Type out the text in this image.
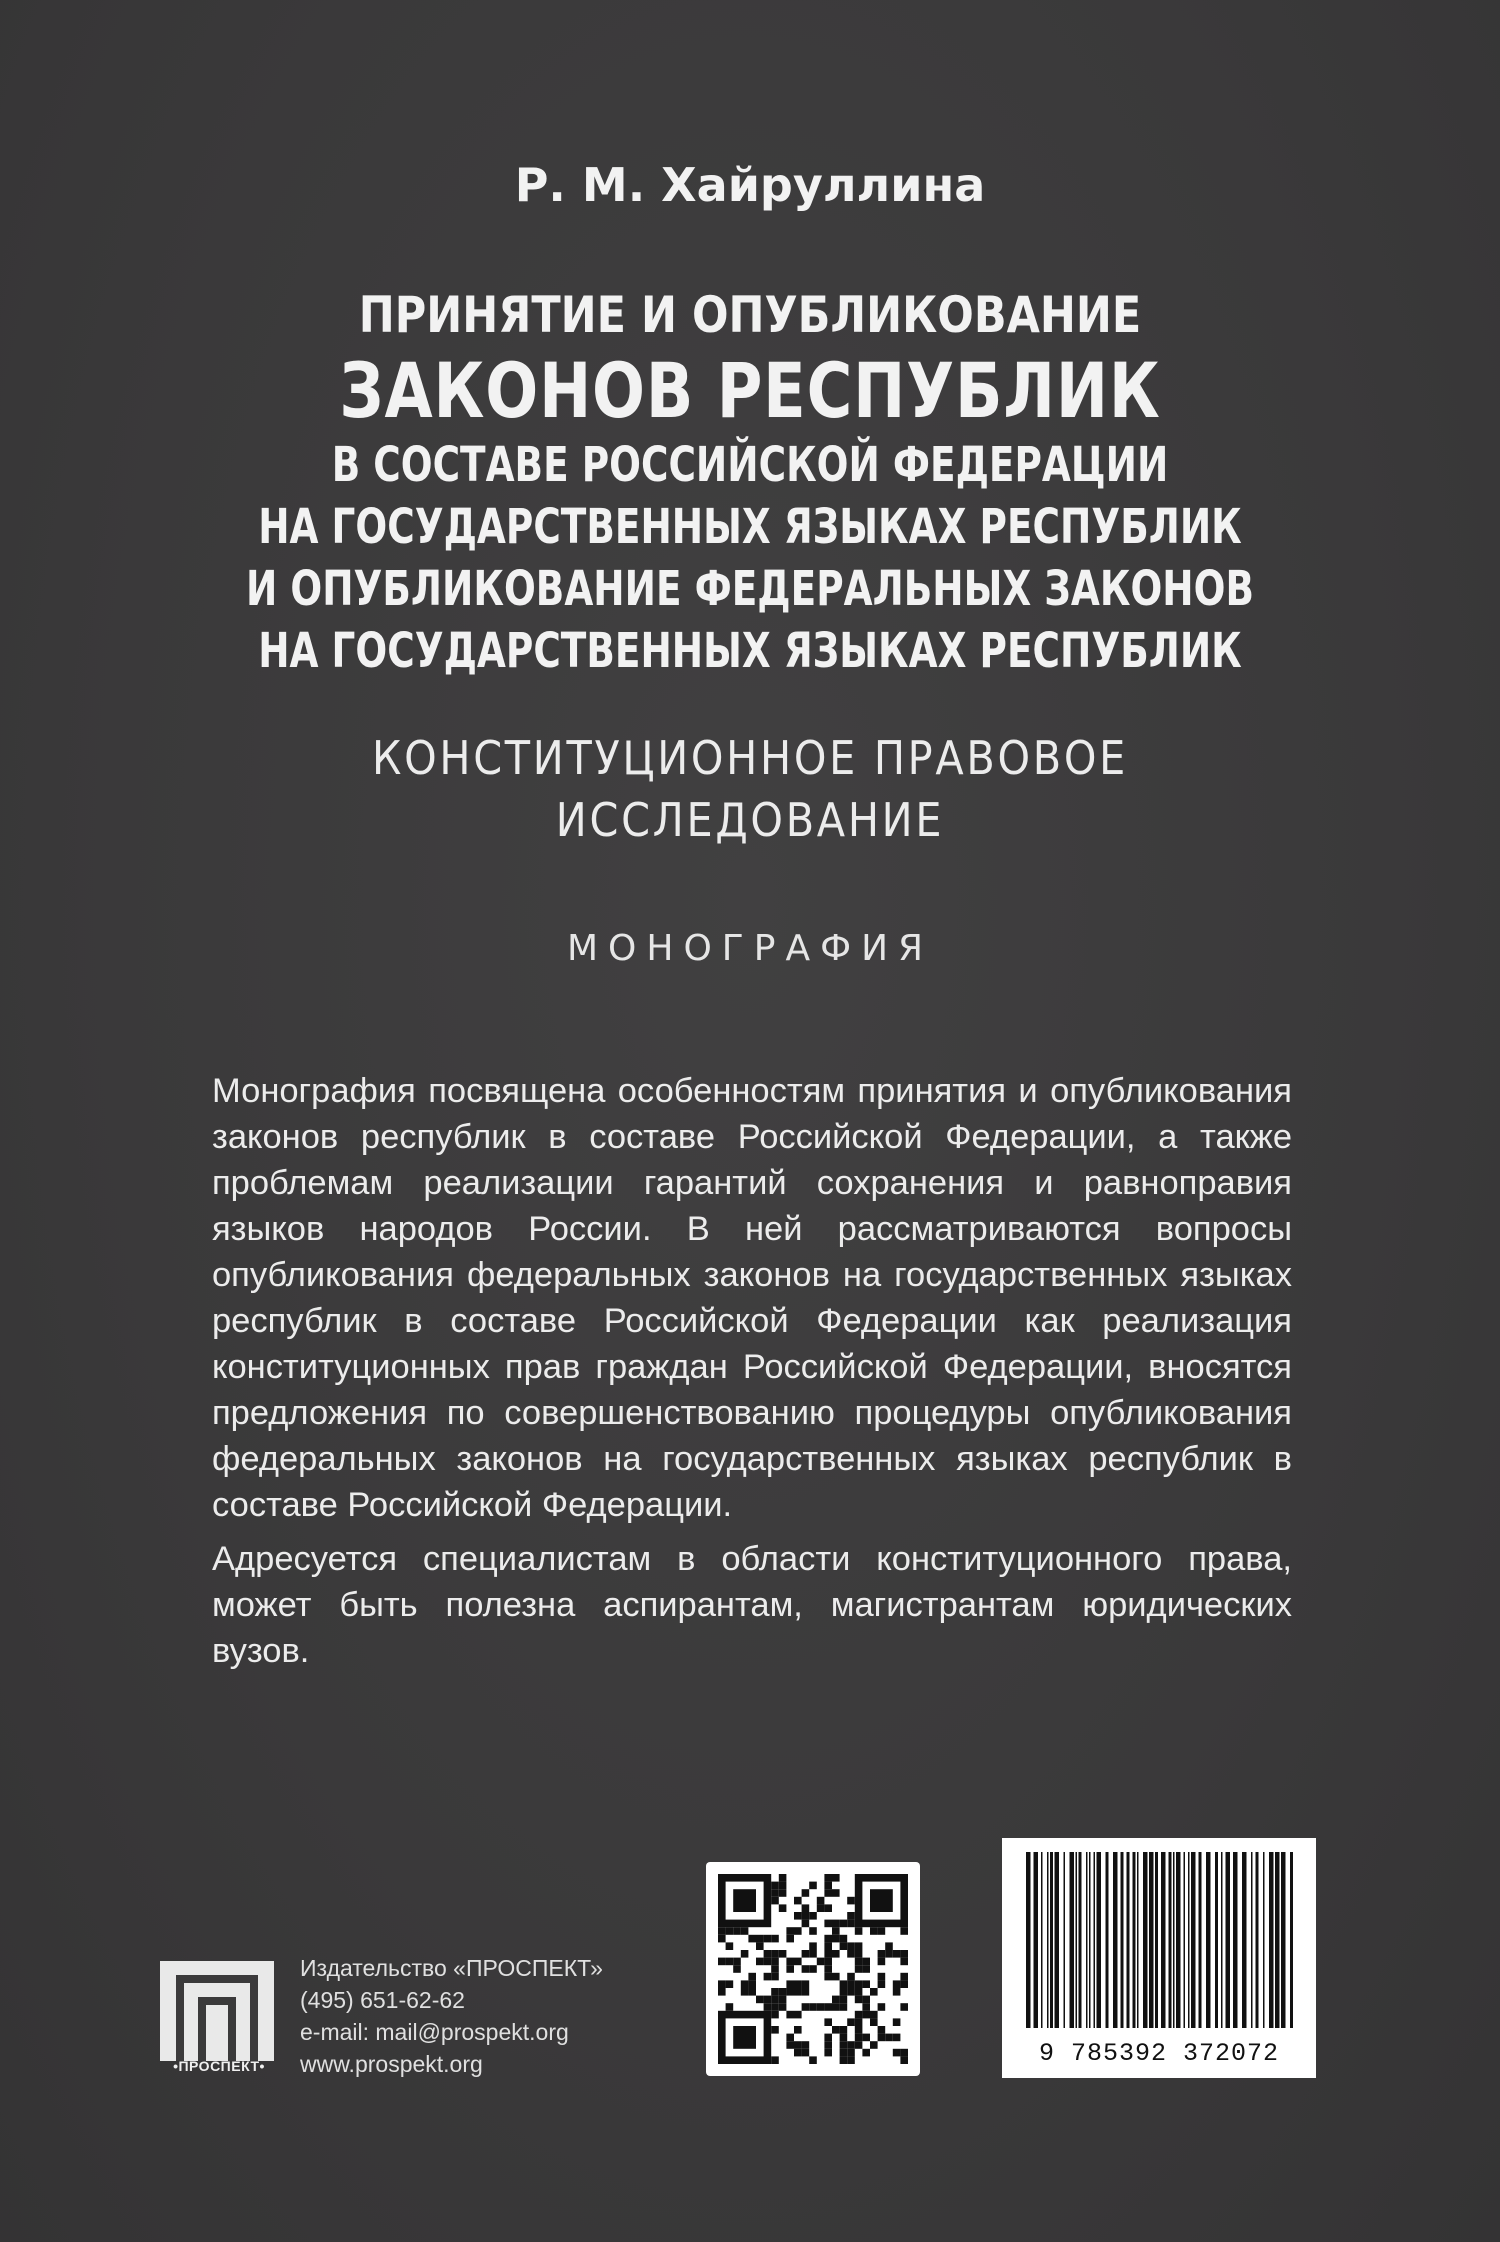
Р. М. Хайруллина
ПРИНЯТИЕ И ОПУБЛИКОВАНИЕ
ЗАКОНОВ РЕСПУБЛИК
В СОСТАВЕ РОССИЙСКОЙ ФЕДЕРАЦИИ
НА ГОСУДАРСТВЕННЫХ ЯЗЫКАХ РЕСПУБЛИК
И ОПУБЛИКОВАНИЕ ФЕДЕРАЛЬНЫХ ЗАКОНОВ
НА ГОСУДАРСТВЕННЫХ ЯЗЫКАХ РЕСПУБЛИК
КОНСТИТУЦИОННОЕ ПРАВОВОЕ
ИССЛЕДОВАНИЕ
МОНОГРАФИЯ

Монография посвящена особенностям принятия и опубликования законов республик в составе Российской Федерации, а также проблемам реализации гарантий сохранения и равноправия языков народов России. В ней рассматриваются вопросы опубликования федеральных законов на государственных языках республик в составе Российской Федерации как реализация конституционных прав граждан Российской Федерации, вносятся предложения по совершенствованию процедуры опубликования федеральных законов на государственных языках республик в составе Российской Федерации.

Адресуется специалистам в области конституционного права, может быть полезна аспирантам, магистрантам юридических вузов.

•ПРОСПЕКТ•
Издательство «ПРОСПЕКТ»
(495) 651-62-62
e-mail: mail@prospekt.org
www.prospekt.org	9 785392 372072
